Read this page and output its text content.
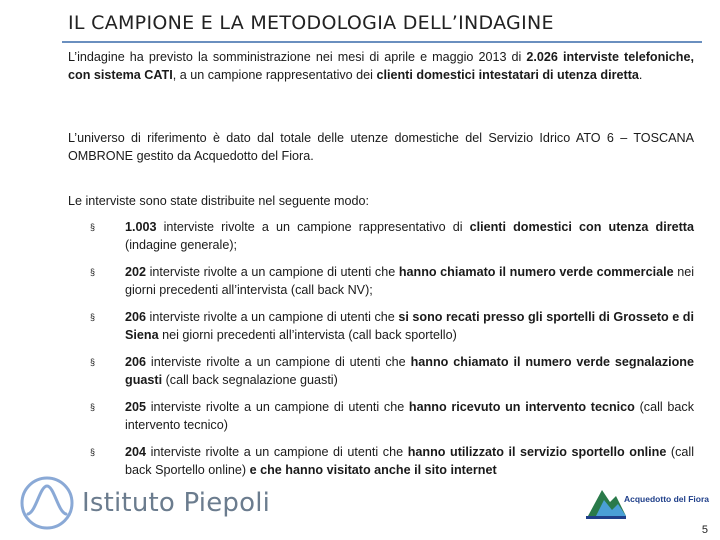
IL CAMPIONE E LA METODOLOGIA DELL’INDAGINE

L’indagine ha previsto la somministrazione nei mesi di aprile e maggio 2013 di 2.026 interviste telefoniche, con sistema CATI, a un campione rappresentativo dei clienti domestici intestatari di utenza diretta.

L’universo di riferimento è dato dal totale delle utenze domestiche del Servizio Idrico ATO 6 – TOSCANA OMBRONE gestito da Acquedotto del Fiora.

Le interviste sono state distribuite nel seguente modo:

§ 1.003 interviste rivolte a un campione rappresentativo di clienti domestici con utenza diretta (indagine generale);
§ 202 interviste rivolte a un campione di utenti che hanno chiamato il numero verde commerciale nei giorni precedenti all’intervista (call back NV);
§ 206 interviste rivolte a un campione di utenti che si sono recati presso gli sportelli di Grosseto e di Siena nei giorni precedenti all’intervista (call back sportello)
§ 206 interviste rivolte a un campione di utenti che hanno chiamato il numero verde segnalazione guasti (call back segnalazione guasti)
§ 205 interviste rivolte a un campione di utenti che hanno ricevuto un intervento tecnico (call back intervento tecnico)
§ 204 interviste rivolte a un campione di utenti che hanno utilizzato il servizio sportello online (call back Sportello online) e che hanno visitato anche il sito internet
Istituto Piepoli	Acquedotto del Fiora
5
